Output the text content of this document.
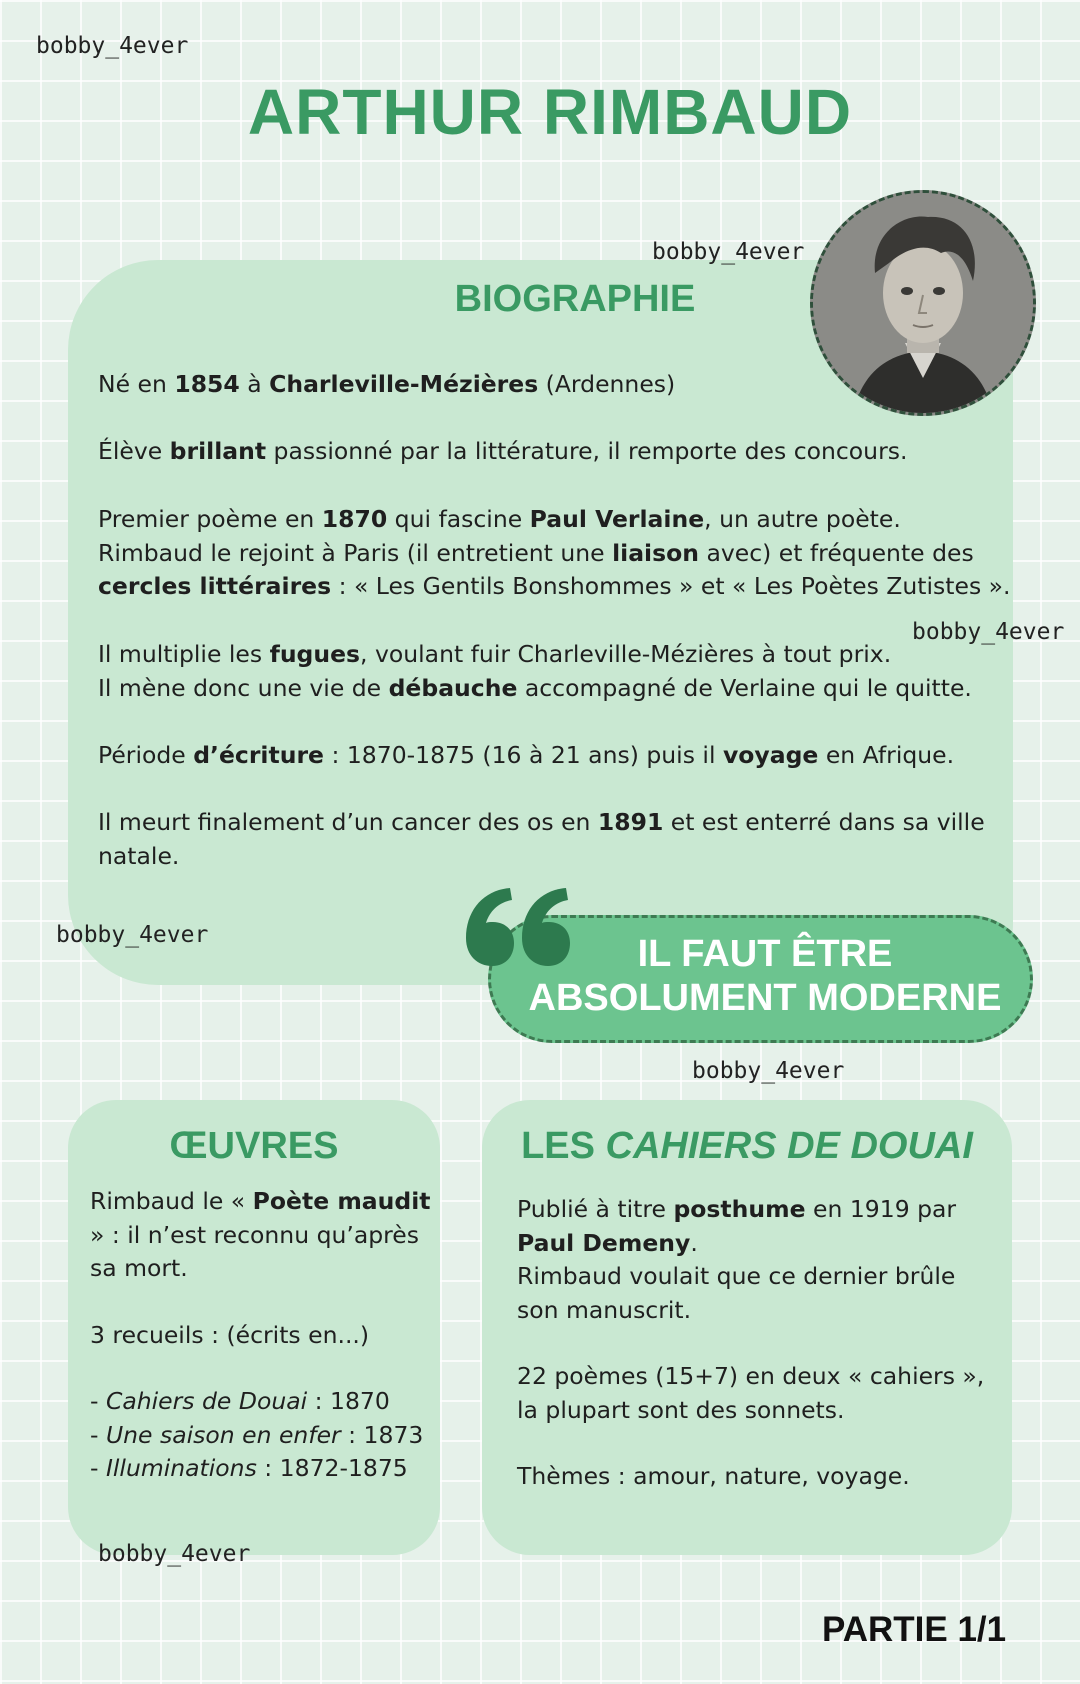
bobby_4ever
ARTHUR RIMBAUD
BIOGRAPHIE
bobby_4ever

Né en 1854 à Charleville-Mézières (Ardennes)

Élève brillant passionné par la littérature, il remporte des concours.

Premier poème en 1870 qui fascine Paul Verlaine, un autre poète.
Rimbaud le rejoint à Paris (il entretient une liaison avec) et fréquente des
cercles littéraires : « Les Gentils Bonshommes » et « Les Poètes Zutistes ».

bobby_4ever

Il multiplie les fugues, voulant fuir Charleville-Mézières à tout prix.
Il mène donc une vie de débauche accompagné de Verlaine qui le quitte.

Période d’écriture : 1870-1875 (16 à 21 ans) puis il voyage en Afrique.

Il meurt finalement d’un cancer des os en 1891 et est enterré dans sa ville natale.

bobby_4ever	IL FAUT ÊTRE
ABSOLUMENT MODERNE

bobby_4ever
ŒUVRES

Rimbaud le « Poète maudit » : il n’est reconnu qu’après sa mort.

3 recueils : (écrits en...)

- Cahiers de Douai : 1870
- Une saison en enfer : 1873
- Illuminations : 1872-1875

bobby_4ever
LES CAHIERS DE DOUAI

Publié à titre posthume en 1919 par Paul Demeny.

Rimbaud voulait que ce dernier brûle son manuscrit.

22 poèmes (15+7) en deux « cahiers », la plupart sont des sonnets.

Thèmes : amour, nature, voyage.

PARTIE 1/1
